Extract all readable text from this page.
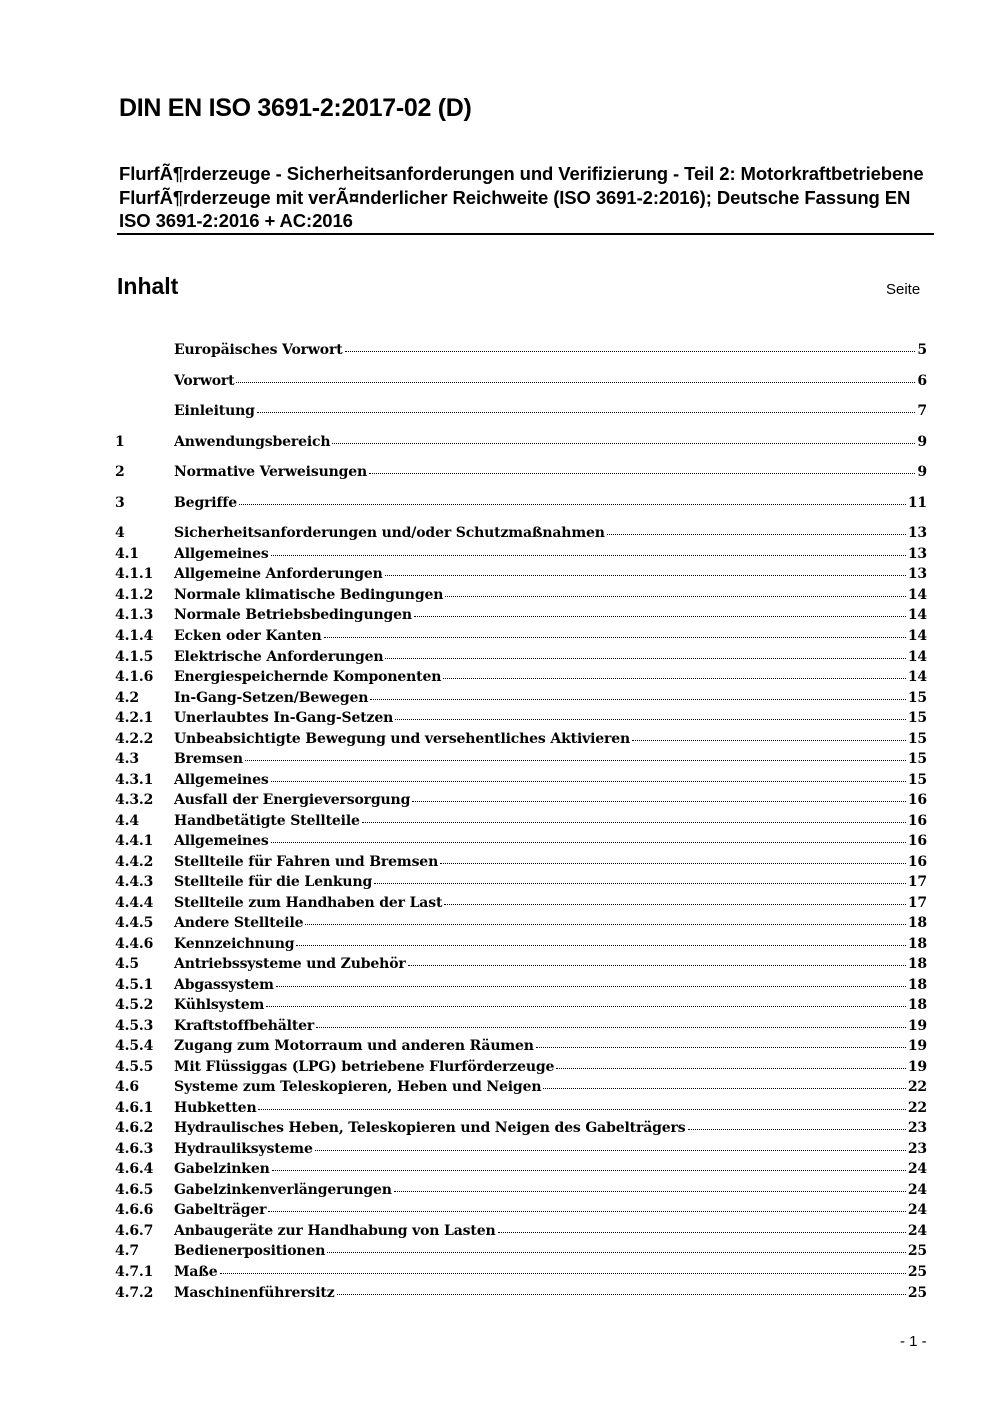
DIN EN ISO 3691-2:2017-02 (D)
FlurfÃ¶rderzeuge - Sicherheitsanforderungen und Verifizierung - Teil 2: Motorkraftbetriebene FlurfÃ¶rderzeuge mit verÃ¤nderlicher Reichweite (ISO 3691-2:2016); Deutsche Fassung EN ISO 3691-2:2016 + AC:2016
Inhalt	Seite
Europäisches Vorwort	5
Vorwort	6
Einleitung	7
1	Anwendungsbereich	9
2	Normative Verweisungen	9
3	Begriffe	11
4	Sicherheitsanforderungen und/oder Schutzmaßnahmen	13
4.1	Allgemeines	13
4.1.1	Allgemeine Anforderungen	13
4.1.2	Normale klimatische Bedingungen	14
4.1.3	Normale Betriebsbedingungen	14
4.1.4	Ecken oder Kanten	14
4.1.5	Elektrische Anforderungen	14
4.1.6	Energiespeichernde Komponenten	14
4.2	In-Gang-Setzen/Bewegen	15
4.2.1	Unerlaubtes In-Gang-Setzen	15
4.2.2	Unbeabsichtigte Bewegung und versehentliches Aktivieren	15
4.3	Bremsen	15
4.3.1	Allgemeines	15
4.3.2	Ausfall der Energieversorgung	16
4.4	Handbetätigte Stellteile	16
4.4.1	Allgemeines	16
4.4.2	Stellteile für Fahren und Bremsen	16
4.4.3	Stellteile für die Lenkung	17
4.4.4	Stellteile zum Handhaben der Last	17
4.4.5	Andere Stellteile	18
4.4.6	Kennzeichnung	18
4.5	Antriebssysteme und Zubehör	18
4.5.1	Abgassystem	18
4.5.2	Kühlsystem	18
4.5.3	Kraftstoffbehälter	19
4.5.4	Zugang zum Motorraum und anderen Räumen	19
4.5.5	Mit Flüssiggas (LPG) betriebene Flurförderzeuge	19
4.6	Systeme zum Teleskopieren, Heben und Neigen	22
4.6.1	Hubketten	22
4.6.2	Hydraulisches Heben, Teleskopieren und Neigen des Gabelträgers	23
4.6.3	Hydrauliksysteme	23
4.6.4	Gabelzinken	24
4.6.5	Gabelzinkenverlängerungen	24
4.6.6	Gabelträger	24
4.6.7	Anbaugeräte zur Handhabung von Lasten	24
4.7	Bedienerpositionen	25
4.7.1	Maße	25
4.7.2	Maschinenführersitz	25
- 1 -
